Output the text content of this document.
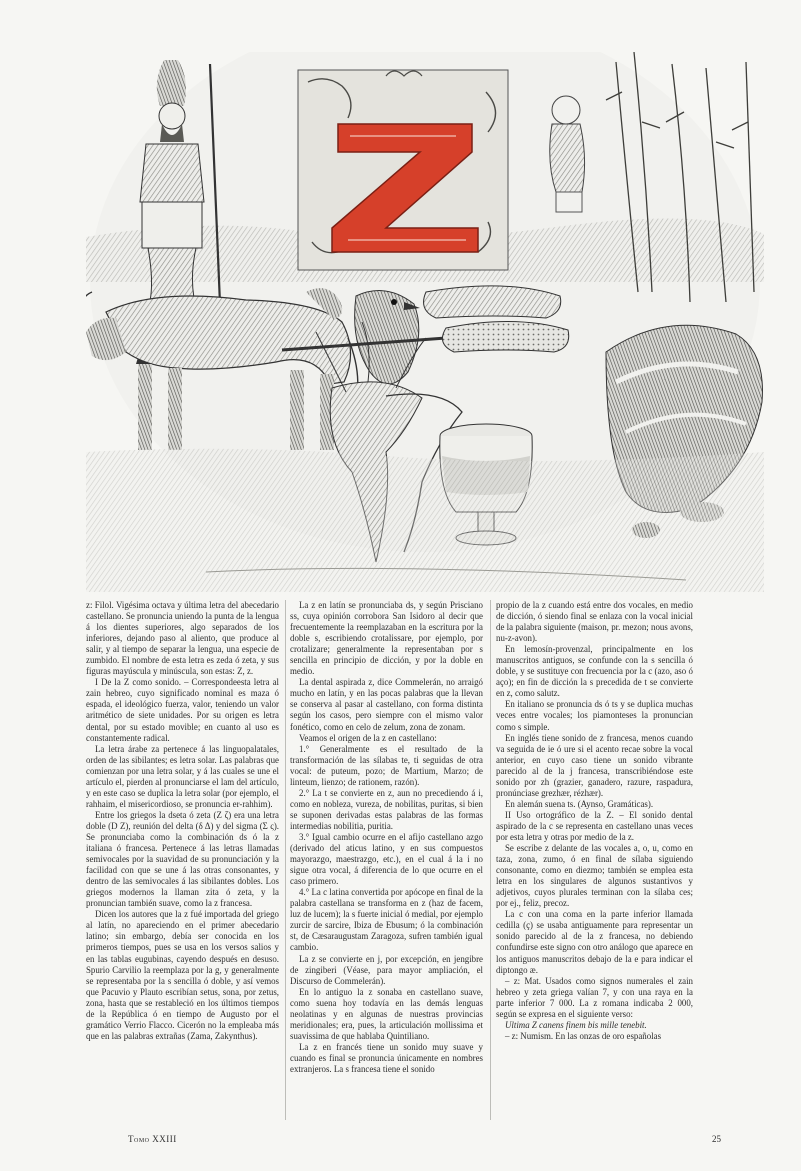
z: Filol. Vigésima octava y última letra del abecedario castellano. Se pronuncia uniendo la punta de la lengua á los dientes superiores, algo separados de los inferiores, dejando paso al aliento, que produce al salir, y al tiempo de separar la lengua, una especie de zumbido. El nombre de esta letra es zeda ó zeta, y sus figuras mayúscula y minúscula, son estas: Z, z.

I De la Z como sonido. – Correspondeesta letra al zain hebreo, cuyo significado nominal es maza ó espada, el ideológico fuerza, valor, teniendo un valor aritmético de siete unidades. Por su origen es letra dental, por su estado movible; en cuanto al uso es constantemente radical.

La letra árabe za pertenece á las linguopalatales, orden de las sibilantes; es letra solar. Las palabras que comienzan por una letra solar, y á las cuales se une el artículo el, pierden al pronunciarse el lam del artículo, y en este caso se duplica la letra solar (por ejemplo, el rahhaim, el misericordioso, se pronuncia er-rahhim).

Entre los griegos la dseta ó zeta (Z ζ) era una letra doble (D Z), reunión del delta (δ Δ) y del sigma (Σ ς). Se pronunciaba como la combinación ds ó la z italiana ó francesa. Pertenece á las letras llamadas semivocales por la suavidad de su pronunciación y la facilidad con que se une á las otras consonantes, y dentro de las semivocales á las sibilantes dobles. Los griegos modernos la llaman zita ó zeta, y la pronuncian también suave, como la z francesa.

Dicen los autores que la z fué importada del griego al latín, no apareciendo en el primer abecedario latino; sin embargo, debía ser conocida en los primeros tiempos, pues se usa en los versos salios y en las tablas eugubinas, cayendo después en desuso. Spurio Carvilio la reemplaza por la g, y generalmente se representaba por la s sencilla ó doble, y así vemos que Pacuvio y Plauto escribían setus, sona, por zetus, zona, hasta que se restableció en los últimos tiempos de la República ó en tiempo de Augusto por el gramático Verrio Flacco. Cicerón no la empleaba más que en las palabras extrañas (Zama, Zakynthus).

La z en latín se pronunciaba ds, y según Prisciano ss, cuya opinión corrobora San Isidoro al decir que frecuentemente la reemplazaban en la escritura por la doble s, escribiendo crotalissare, por ejemplo, por crotalizare; generalmente la representaban por s sencilla en principio de dicción, y por la doble en medio.

La dental aspirada z, dice Commelerán, no arraigó mucho en latín, y en las pocas palabras que la llevan se conserva al pasar al castellano, con forma distinta según los casos, pero siempre con el mismo valor fonético, como en celo de zelum, zona de zonam.

Veamos el origen de la z en castellano:

1.° Generalmente es el resultado de la transformación de las sílabas te, ti seguidas de otra vocal: de puteum, pozo; de Martium, Marzo; de linteum, lienzo; de rationem, razón).

2.° La t se convierte en z, aun no precediendo á i, como en nobleza, vureza, de nobilitas, puritas, si bien se suponen derivadas estas palabras de las formas intermedias nobilitia, puritia.

3.° Igual cambio ocurre en el afijo castellano azgo (derivado del aticus latino, y en sus compuestos mayorazgo, maestrazgo, etc.), en el cual á la i no sigue otra vocal, á diferencia de lo que ocurre en el caso primero.

4.° La c latina convertida por apócope en final de la palabra castellana se transforma en z (haz de facem, luz de lucem); la s fuerte inicial ó medial, por ejemplo zurcir de sarcire, Ibiza de Ebusum; ó la combinación st, de Cæsaraugustam Zaragoza, sufren también igual cambio.

La z se convierte en j, por excepción, en jengibre de zingiberi (Véase, para mayor ampliación, el Discurso de Commelerán).

En lo antiguo la z sonaba en castellano suave, como suena hoy todavía en las demás lenguas neolatinas y en algunas de nuestras provincias meridionales; era, pues, la articulación mollissima et suavissima de que hablaba Quintiliano.

La z en francés tiene un sonido muy suave y cuando es final se pronuncia únicamente en nombres extranjeros. La s francesa tiene el sonido

propio de la z cuando está entre dos vocales, en medio de dicción, ó siendo final se enlaza con la vocal inicial de la palabra siguiente (maison, pr. mezon; nous avons, nu-z-avon).

En lemosín-provenzal, principalmente en los manuscritos antiguos, se confunde con la s sencilla ó doble, y se sustituye con frecuencia por la c (azo, aso ó aço); en fin de dicción la s precedida de t se convierte en z, como salutz.

En italiano se pronuncia ds ó ts y se duplica muchas veces entre vocales; los piamonteses la pronuncian como s simple.

En inglés tiene sonido de z francesa, menos cuando va seguida de ie ó ure si el acento recae sobre la vocal anterior, en cuyo caso tiene un sonido vibrante parecido al de la j francesa, transcribiéndose este sonido por zh (grazier, ganadero, razure, raspadura, pronúnciase grezhær, rézhær).

En alemán suena ts. (Aynso, Gramáticas).

II Uso ortográfico de la Z. – El sonido dental aspirado de la c se representa en castellano unas veces por esta letra y otras por medio de la z.

Se escribe z delante de las vocales a, o, u, como en taza, zona, zumo, ó en final de sílaba siguiendo consonante, como en diezmo; también se emplea esta letra en los singulares de algunos sustantivos y adjetivos, cuyos plurales terminan con la sílaba ces; por ej., feliz, precoz.

La c con una coma en la parte inferior llamada cedilla (ç) se usaba antiguamente para representar un sonido parecido al de la z francesa, no debiendo confundirse este signo con otro análogo que aparece en los antiguos manuscritos debajo de la e para indicar el diptongo æ.

– z: Mat. Usados como signos numerales el zain hebreo y zeta griega valían 7, y con una raya en la parte inferior 7 000. La z romana indicaba 2 000, según se expresa en el siguiente verso:

Ultima Z canens finem bis mille tenebit.

– z: Numism. En las onzas de oro españolas

Tomo XXIII	25
